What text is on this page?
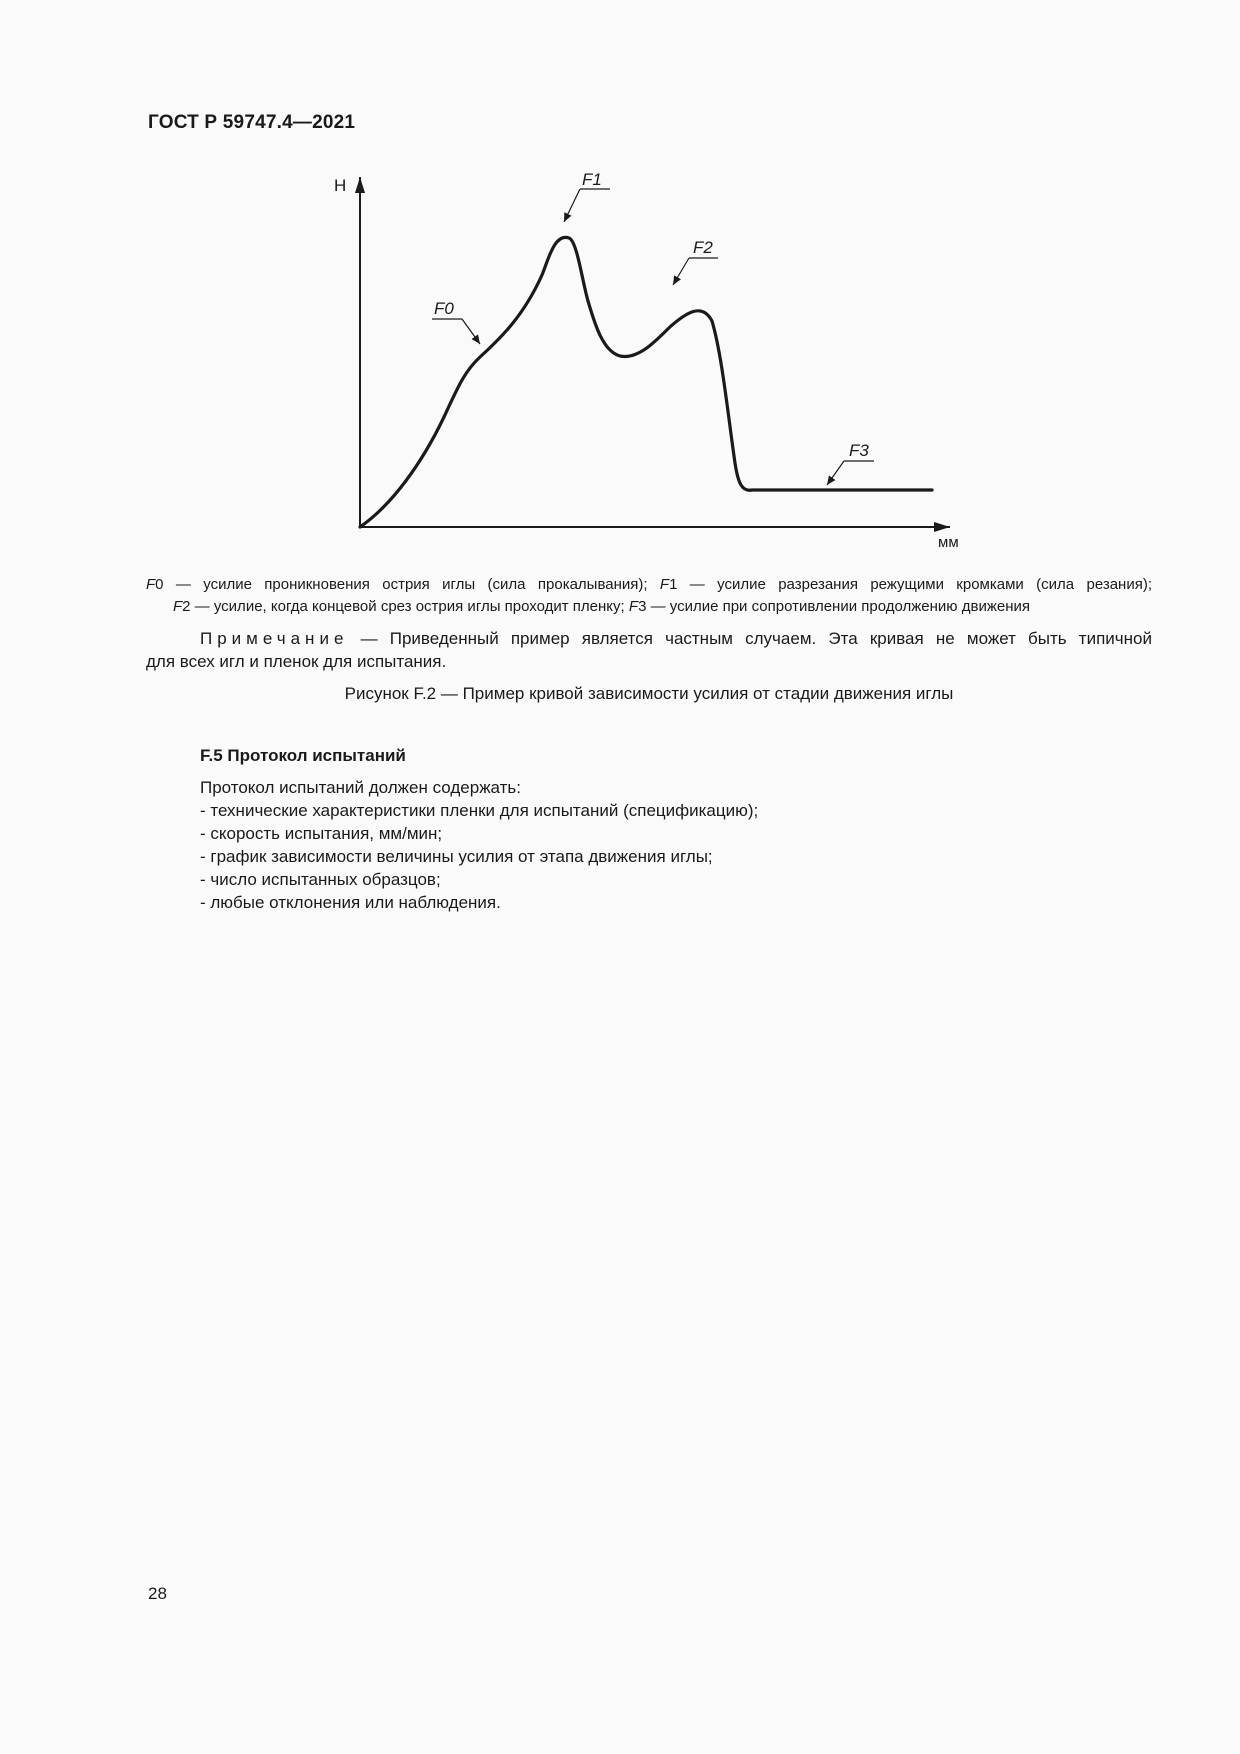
ГОСТ Р 59747.4—2021
Н
мм
F0
F1
F2
F3
F0 — усилие проникновения острия иглы (сила прокалывания); F1 — усилие разрезания режущими кромками (сила резания);
F2 — усилие, когда концевой срез острия иглы проходит пленку; F3 — усилие при сопротивлении продолжению движения
Примечание — Приведенный пример является частным случаем. Эта кривая не может быть типичной
для всех игл и пленок для испытания.
Рисунок F.2 — Пример кривой зависимости усилия от стадии движения иглы
F.5 Протокол испытаний

Протокол испытаний должен содержать:

- технические характеристики пленки для испытаний (спецификацию);

- скорость испытания, мм/мин;

- график зависимости величины усилия от этапа движения иглы;

- число испытанных образцов;

- любые отклонения или наблюдения.

28
